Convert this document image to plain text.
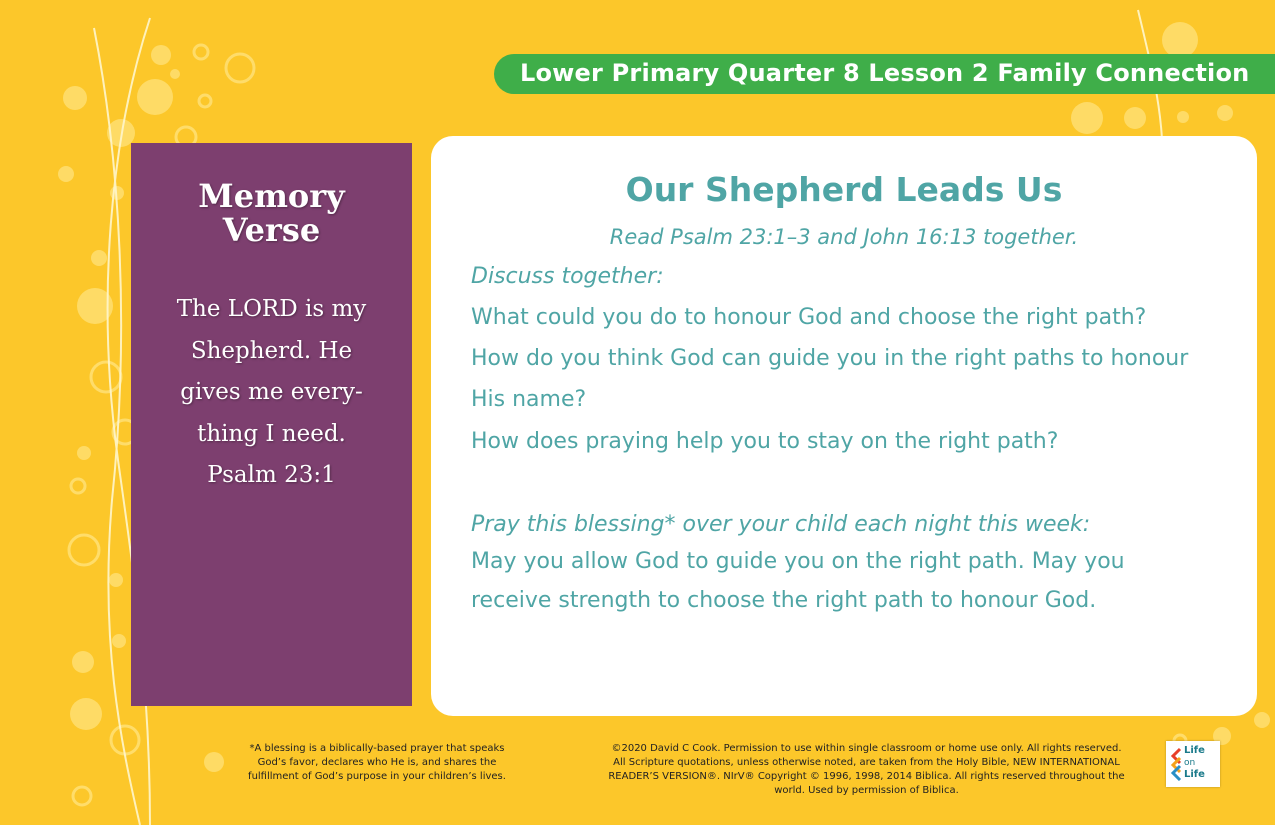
Lower Primary Quarter 8 Lesson 2 Family Connection
Memory
Verse
The LORD is my
Shepherd. He
gives me every-
thing I need.
Psalm 23:1
Our Shepherd Leads Us
Read Psalm 23:1–3 and John 16:13 together.
Discuss together:
What could you do to honour God and choose the right path?
How do you think God can guide you in the right paths to honour
His name?
How does praying help you to stay on the right path?
Pray this blessing* over your child each night this week:
May you allow God to guide you on the right path. May you
receive strength to choose the right path to honour God.
*A blessing is a biblically-based prayer that speaks
God’s favor, declares who He is, and shares the
fulfillment of God’s purpose in your children’s lives.
©2020 David C Cook. Permission to use within single classroom or home use only. All rights reserved.
All Scripture quotations, unless otherwise noted, are taken from the Holy Bible, NEW INTERNATIONAL
READER’S VERSION®. NIrV® Copyright © 1996, 1998, 2014 Biblica. All rights reserved throughout the
world. Used by permission of Biblica.
Life
on
Life
